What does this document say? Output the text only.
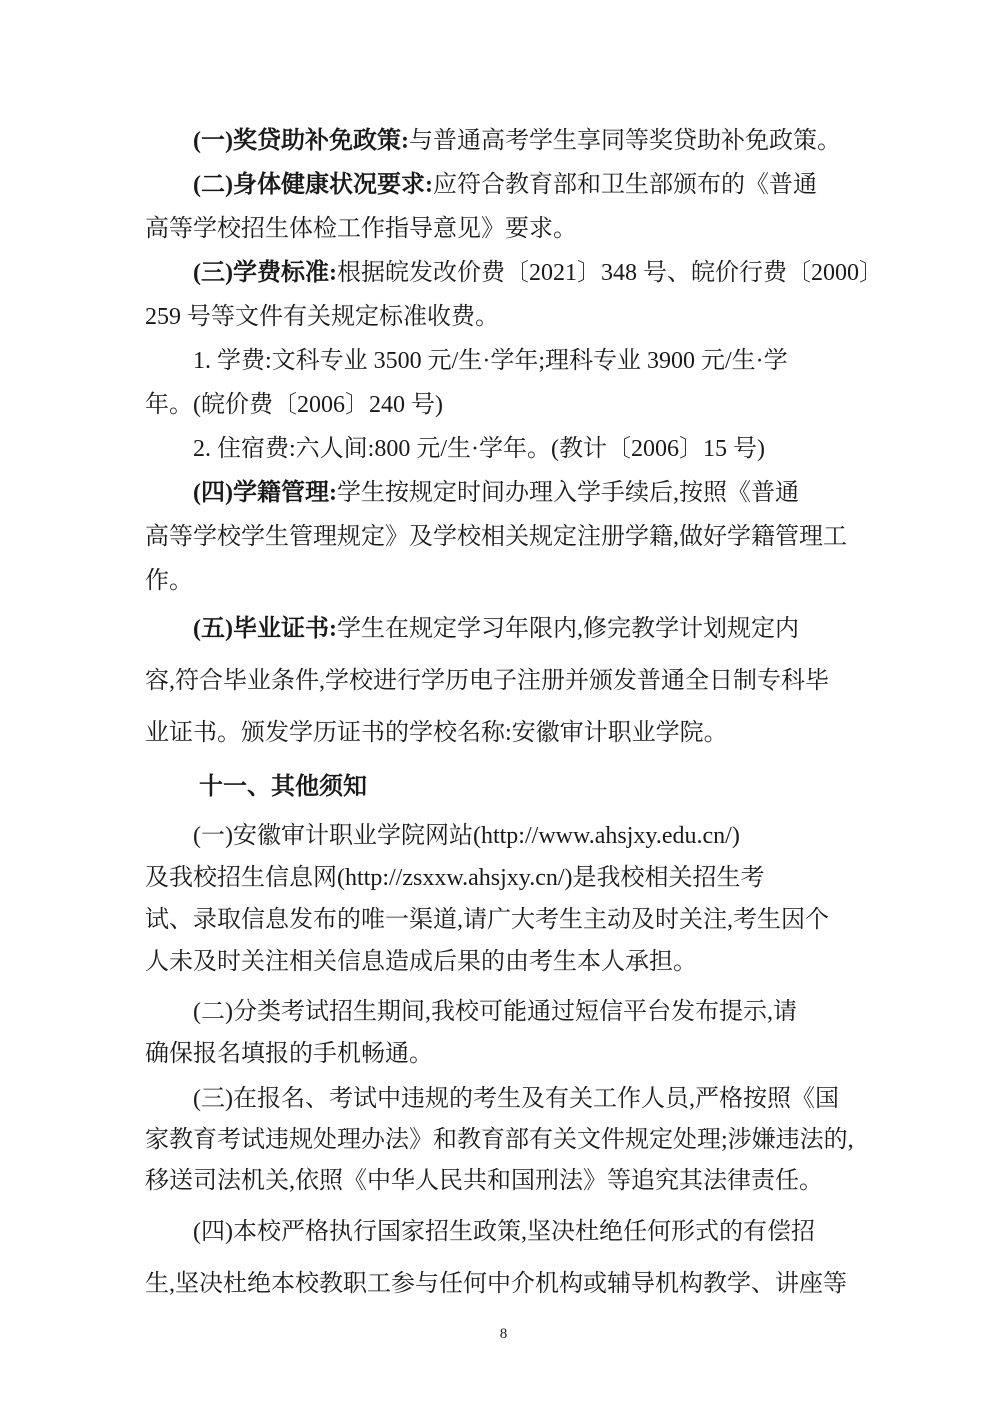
(一)奖贷助补免政策:与普通高考学生享同等奖贷助补免政策。

(二)身体健康状况要求:应符合教育部和卫生部颁布的《普通

高等学校招生体检工作指导意见》要求。

(三)学费标准:根据皖发改价费〔2021〕348 号、皖价行费〔2000〕

259 号等文件有关规定标准收费。

1. 学费:文科专业 3500 元/生·学年;理科专业 3900 元/生·学

年。(皖价费〔2006〕240 号)

2. 住宿费:六人间:800 元/生·学年。(教计〔2006〕15 号)

(四)学籍管理:学生按规定时间办理入学手续后,按照《普通

高等学校学生管理规定》及学校相关规定注册学籍,做好学籍管理工

作。

(五)毕业证书:学生在规定学习年限内,修完教学计划规定内

容,符合毕业条件,学校进行学历电子注册并颁发普通全日制专科毕

业证书。颁发学历证书的学校名称:安徽审计职业学院。

十一、其他须知

(一)安徽审计职业学院网站(http://www.ahsjxy.edu.cn/)

及我校招生信息网(http://zsxxw.ahsjxy.cn/)是我校相关招生考

试、录取信息发布的唯一渠道,请广大考生主动及时关注,考生因个

人未及时关注相关信息造成后果的由考生本人承担。

(二)分类考试招生期间,我校可能通过短信平台发布提示,请

确保报名填报的手机畅通。

(三)在报名、考试中违规的考生及有关工作人员,严格按照《国

家教育考试违规处理办法》和教育部有关文件规定处理;涉嫌违法的,

移送司法机关,依照《中华人民共和国刑法》等追究其法律责任。

(四)本校严格执行国家招生政策,坚决杜绝任何形式的有偿招

生,坚决杜绝本校教职工参与任何中介机构或辅导机构教学、讲座等

8
